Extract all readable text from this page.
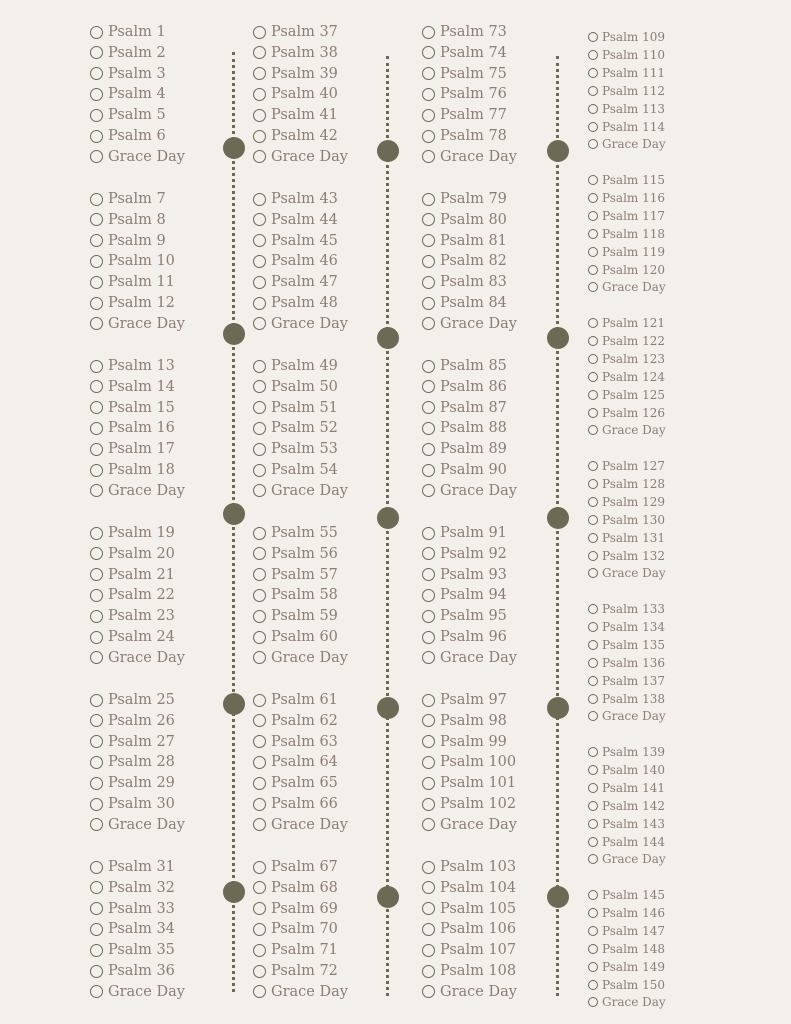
Psalm 1
Psalm 2
Psalm 3
Psalm 4
Psalm 5
Psalm 6
Grace Day
Psalm 7
Psalm 8
Psalm 9
Psalm 10
Psalm 11
Psalm 12
Grace Day
Psalm 13
Psalm 14
Psalm 15
Psalm 16
Psalm 17
Psalm 18
Grace Day
Psalm 19
Psalm 20
Psalm 21
Psalm 22
Psalm 23
Psalm 24
Grace Day
Psalm 25
Psalm 26
Psalm 27
Psalm 28
Psalm 29
Psalm 30
Grace Day
Psalm 31
Psalm 32
Psalm 33
Psalm 34
Psalm 35
Psalm 36
Grace Day
Psalm 37
Psalm 38
Psalm 39
Psalm 40
Psalm 41
Psalm 42
Grace Day
Psalm 43
Psalm 44
Psalm 45
Psalm 46
Psalm 47
Psalm 48
Grace Day
Psalm 49
Psalm 50
Psalm 51
Psalm 52
Psalm 53
Psalm 54
Grace Day
Psalm 55
Psalm 56
Psalm 57
Psalm 58
Psalm 59
Psalm 60
Grace Day
Psalm 61
Psalm 62
Psalm 63
Psalm 64
Psalm 65
Psalm 66
Grace Day
Psalm 67
Psalm 68
Psalm 69
Psalm 70
Psalm 71
Psalm 72
Grace Day
Psalm 73
Psalm 74
Psalm 75
Psalm 76
Psalm 77
Psalm 78
Grace Day
Psalm 79
Psalm 80
Psalm 81
Psalm 82
Psalm 83
Psalm 84
Grace Day
Psalm 85
Psalm 86
Psalm 87
Psalm 88
Psalm 89
Psalm 90
Grace Day
Psalm 91
Psalm 92
Psalm 93
Psalm 94
Psalm 95
Psalm 96
Grace Day
Psalm 97
Psalm 98
Psalm 99
Psalm 100
Psalm 101
Psalm 102
Grace Day
Psalm 103
Psalm 104
Psalm 105
Psalm 106
Psalm 107
Psalm 108
Grace Day
Psalm 109
Psalm 110
Psalm 111
Psalm 112
Psalm 113
Psalm 114
Grace Day
Psalm 115
Psalm 116
Psalm 117
Psalm 118
Psalm 119
Psalm 120
Grace Day
Psalm 121
Psalm 122
Psalm 123
Psalm 124
Psalm 125
Psalm 126
Grace Day
Psalm 127
Psalm 128
Psalm 129
Psalm 130
Psalm 131
Psalm 132
Grace Day
Psalm 133
Psalm 134
Psalm 135
Psalm 136
Psalm 137
Psalm 138
Grace Day
Psalm 139
Psalm 140
Psalm 141
Psalm 142
Psalm 143
Psalm 144
Grace Day
Psalm 145
Psalm 146
Psalm 147
Psalm 148
Psalm 149
Psalm 150
Grace Day
